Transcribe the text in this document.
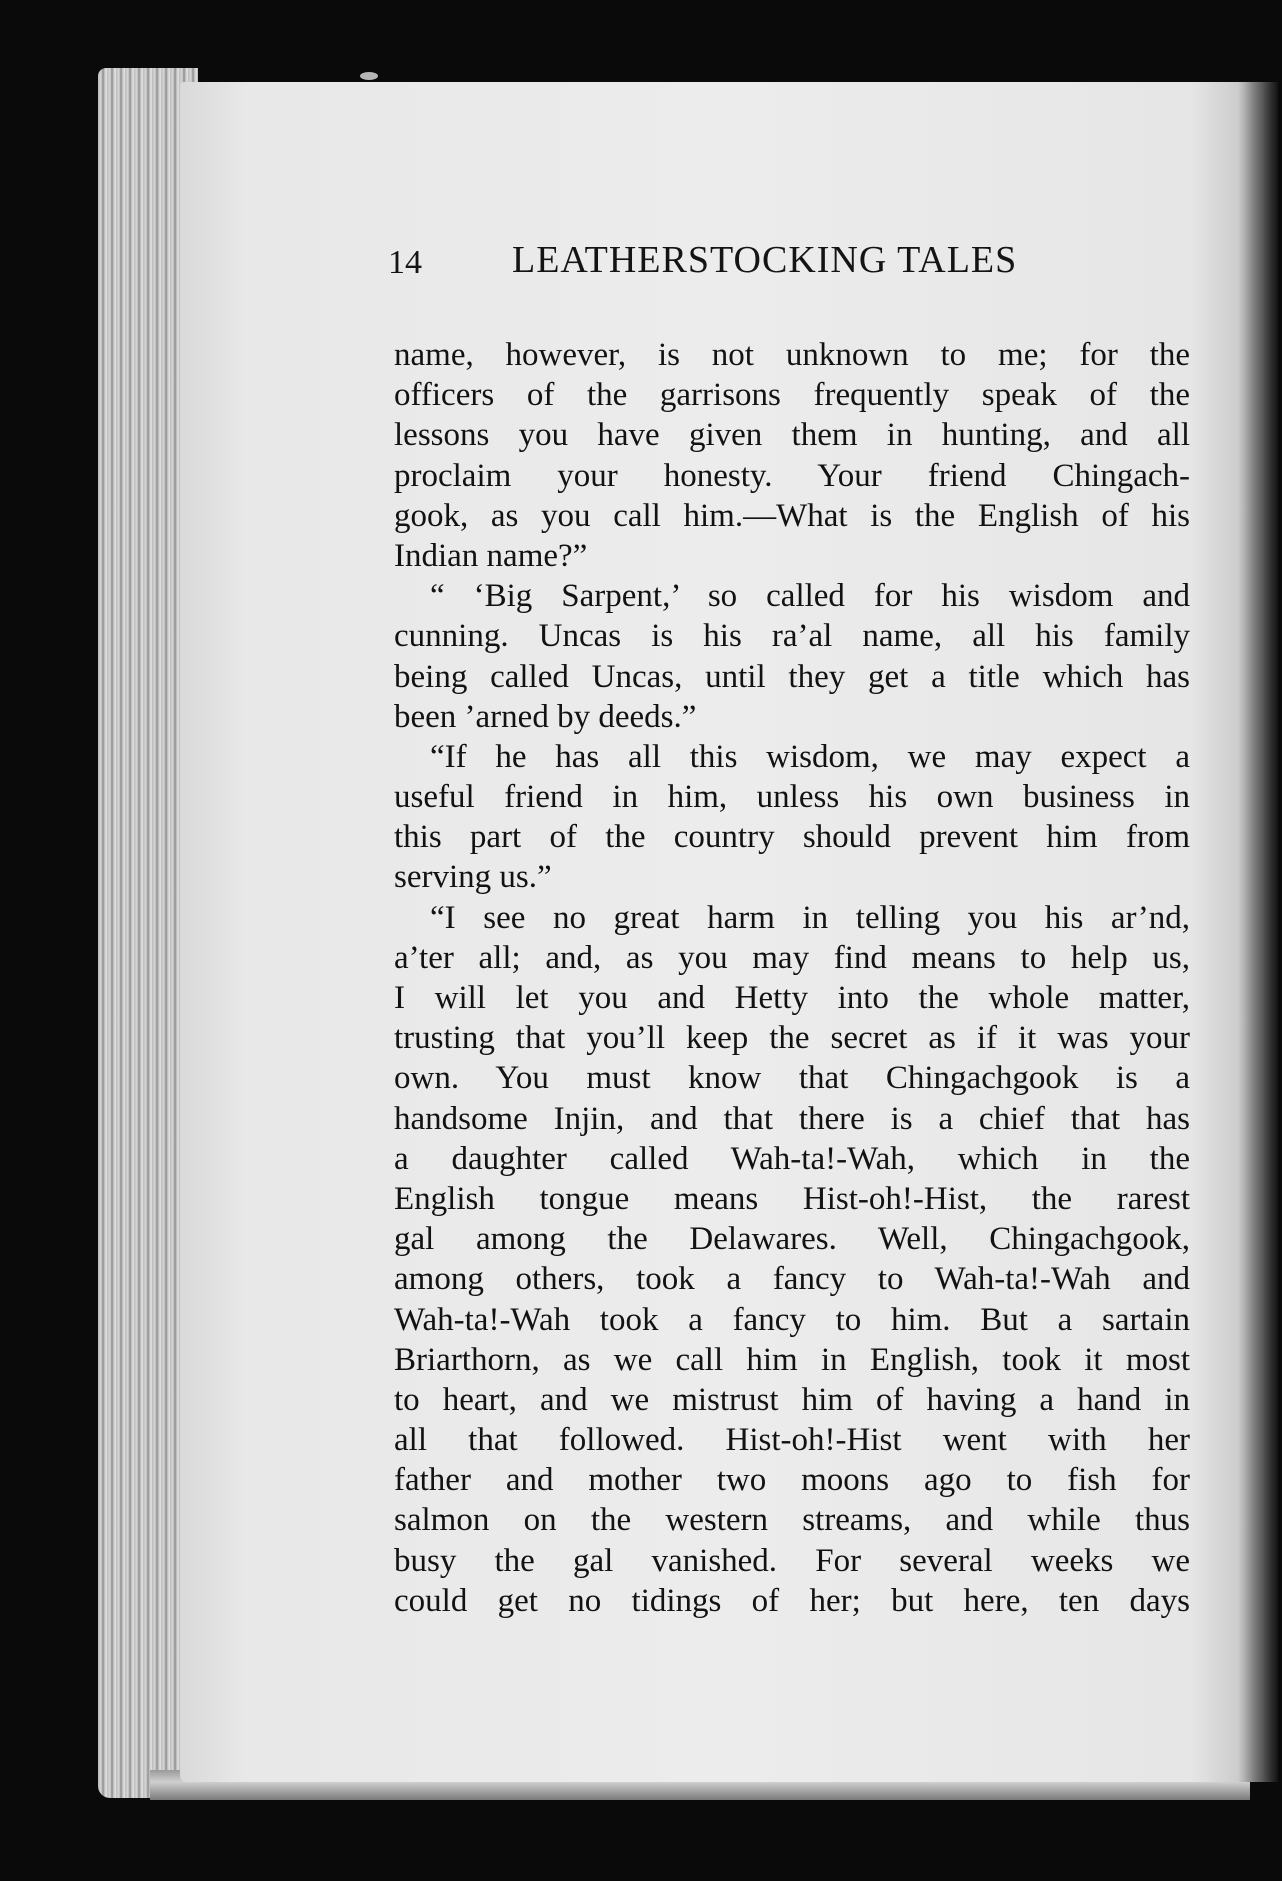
14 LEATHERSTOCKING TALES
name, however, is not unknown to me; for the
officers of the garrisons frequently speak of the
lessons you have given them in hunting, and all
proclaim your honesty. Your friend Chingach-
gook, as you call him.—What is the English of his
Indian name?”
“ ‘Big Sarpent,’ so called for his wisdom and
cunning. Uncas is his ra’al name, all his family
being called Uncas, until they get a title which has
been ’arned by deeds.”
“If he has all this wisdom, we may expect a
useful friend in him, unless his own business in
this part of the country should prevent him from
serving us.”
“I see no great harm in telling you his ar’nd,
a’ter all; and, as you may find means to help us,
I will let you and Hetty into the whole matter,
trusting that you’ll keep the secret as if it was your
own. You must know that Chingachgook is a
handsome Injin, and that there is a chief that has
a daughter called Wah-ta!-Wah, which in the
English tongue means Hist-oh!-Hist, the rarest
gal among the Delawares. Well, Chingachgook,
among others, took a fancy to Wah-ta!-Wah and
Wah-ta!-Wah took a fancy to him. But a sartain
Briarthorn, as we call him in English, took it most
to heart, and we mistrust him of having a hand in
all that followed. Hist-oh!-Hist went with her
father and mother two moons ago to fish for
salmon on the western streams, and while thus
busy the gal vanished. For several weeks we
could get no tidings of her; but here, ten days
